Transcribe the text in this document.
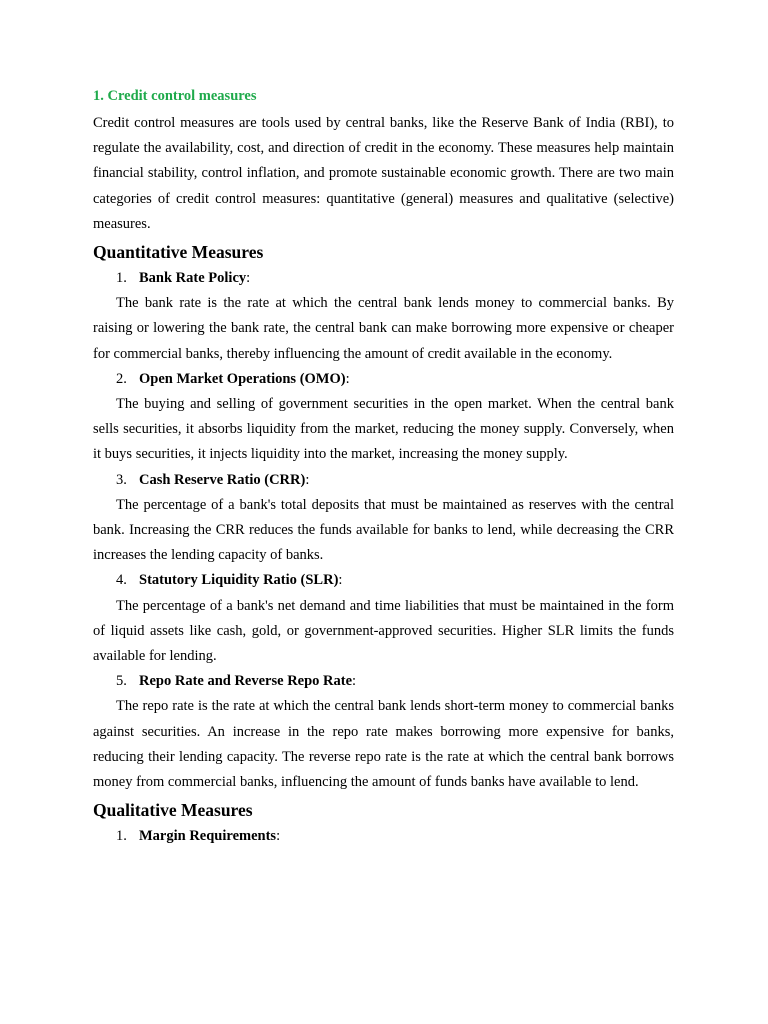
1. Credit control measures

Credit control measures are tools used by central banks, like the Reserve Bank of India (RBI), to regulate the availability, cost, and direction of credit in the economy. These measures help maintain financial stability, control inflation, and promote sustainable economic growth. There are two main categories of credit control measures: quantitative (general) measures and qualitative (selective) measures.

Quantitative Measures
1. Bank Rate Policy:

The bank rate is the rate at which the central bank lends money to commercial banks. By raising or lowering the bank rate, the central bank can make borrowing more expensive or cheaper for commercial banks, thereby influencing the amount of credit available in the economy.

2. Open Market Operations (OMO):

The buying and selling of government securities in the open market. When the central bank sells securities, it absorbs liquidity from the market, reducing the money supply. Conversely, when it buys securities, it injects liquidity into the market, increasing the money supply.

3. Cash Reserve Ratio (CRR):

The percentage of a bank's total deposits that must be maintained as reserves with the central bank. Increasing the CRR reduces the funds available for banks to lend, while decreasing the CRR increases the lending capacity of banks.

4. Statutory Liquidity Ratio (SLR):

The percentage of a bank's net demand and time liabilities that must be maintained in the form of liquid assets like cash, gold, or government-approved securities. Higher SLR limits the funds available for lending.

5. Repo Rate and Reverse Repo Rate:

The repo rate is the rate at which the central bank lends short-term money to commercial banks against securities. An increase in the repo rate makes borrowing more expensive for banks, reducing their lending capacity. The reverse repo rate is the rate at which the central bank borrows money from commercial banks, influencing the amount of funds banks have available to lend.

Qualitative Measures
1. Margin Requirements:
